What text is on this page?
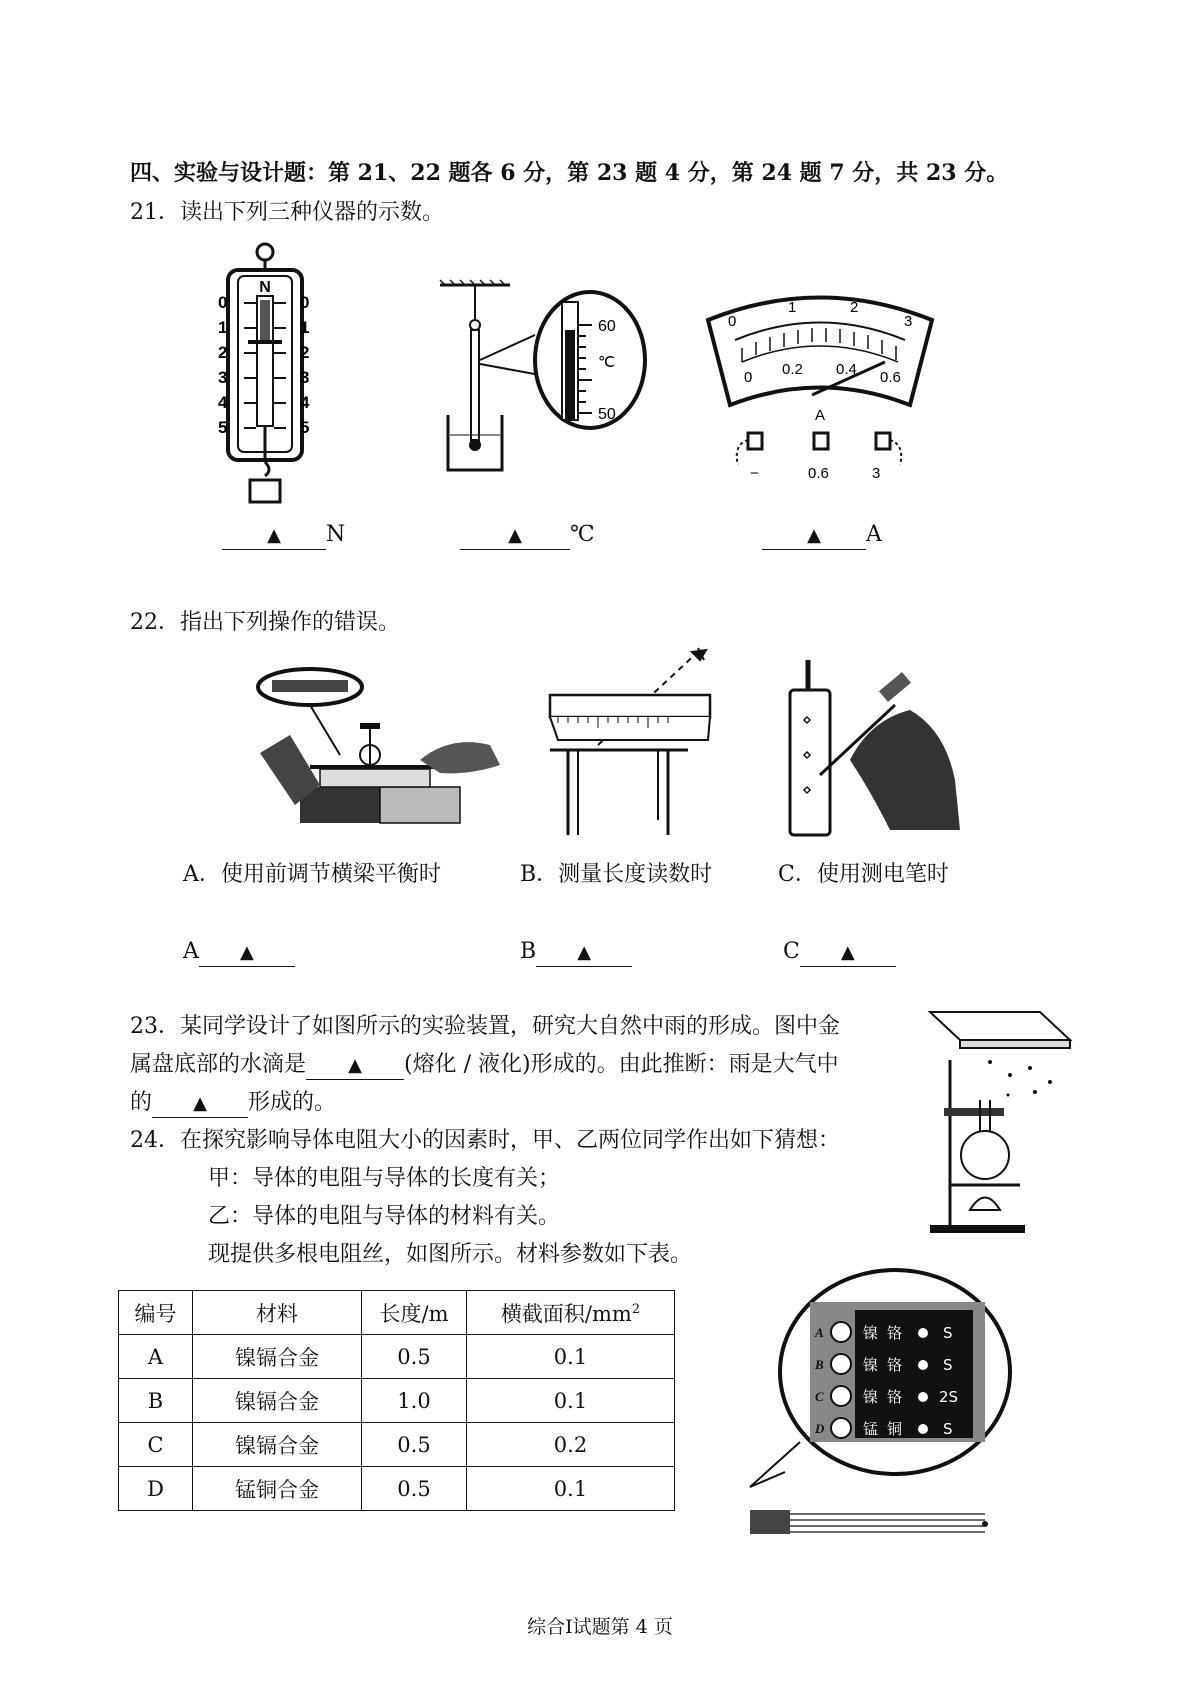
四、实验与设计题：第 21、22 题各 6 分，第 23 题 4 分，第 24 题 7 分，共 23 分。
21．读出下列三种仪器的示数。
N
0
1
2
3
4
5
0
1
2
3
4
5
60
℃
50
0
1	2
3
0 0.2 0.4 0.6
A
−	0.6	3
▲ N	▲ ℃	▲ A
22．指出下列操作的错误。
⋄
⋄
⋄
A．使用前调节横梁平衡时	B．测量长度读数时	C．使用测电笔时
A ▲	B ▲	C ▲
23．某同学设计了如图所示的实验装置，研究大自然中雨的形成。图中金
属盘底部的水滴是 ▲ (熔化 / 液化)形成的。由此推断：雨是大气中
的 ▲ 形成的。
24．在探究影响导体电阻大小的因素时，甲、乙两位同学作出如下猜想：
甲：导体的电阻与导体的长度有关；
乙：导体的电阻与导体的材料有关。
现提供多根电阻丝，如图所示。材料参数如下表。
编号	材料	长度/m	横截面积$/mm^2$
A	镍镉合金	0.5	0.1
B	镍镉合金	1.0	0.1
C	镍镉合金	0.5	0.2
D	锰铜合金	0.5	0.1
A
B
C
D
镍 铬	S
镍 铬	S
镍 铬 2S
锰 铜	S
综合Ⅰ试题第 4 页
